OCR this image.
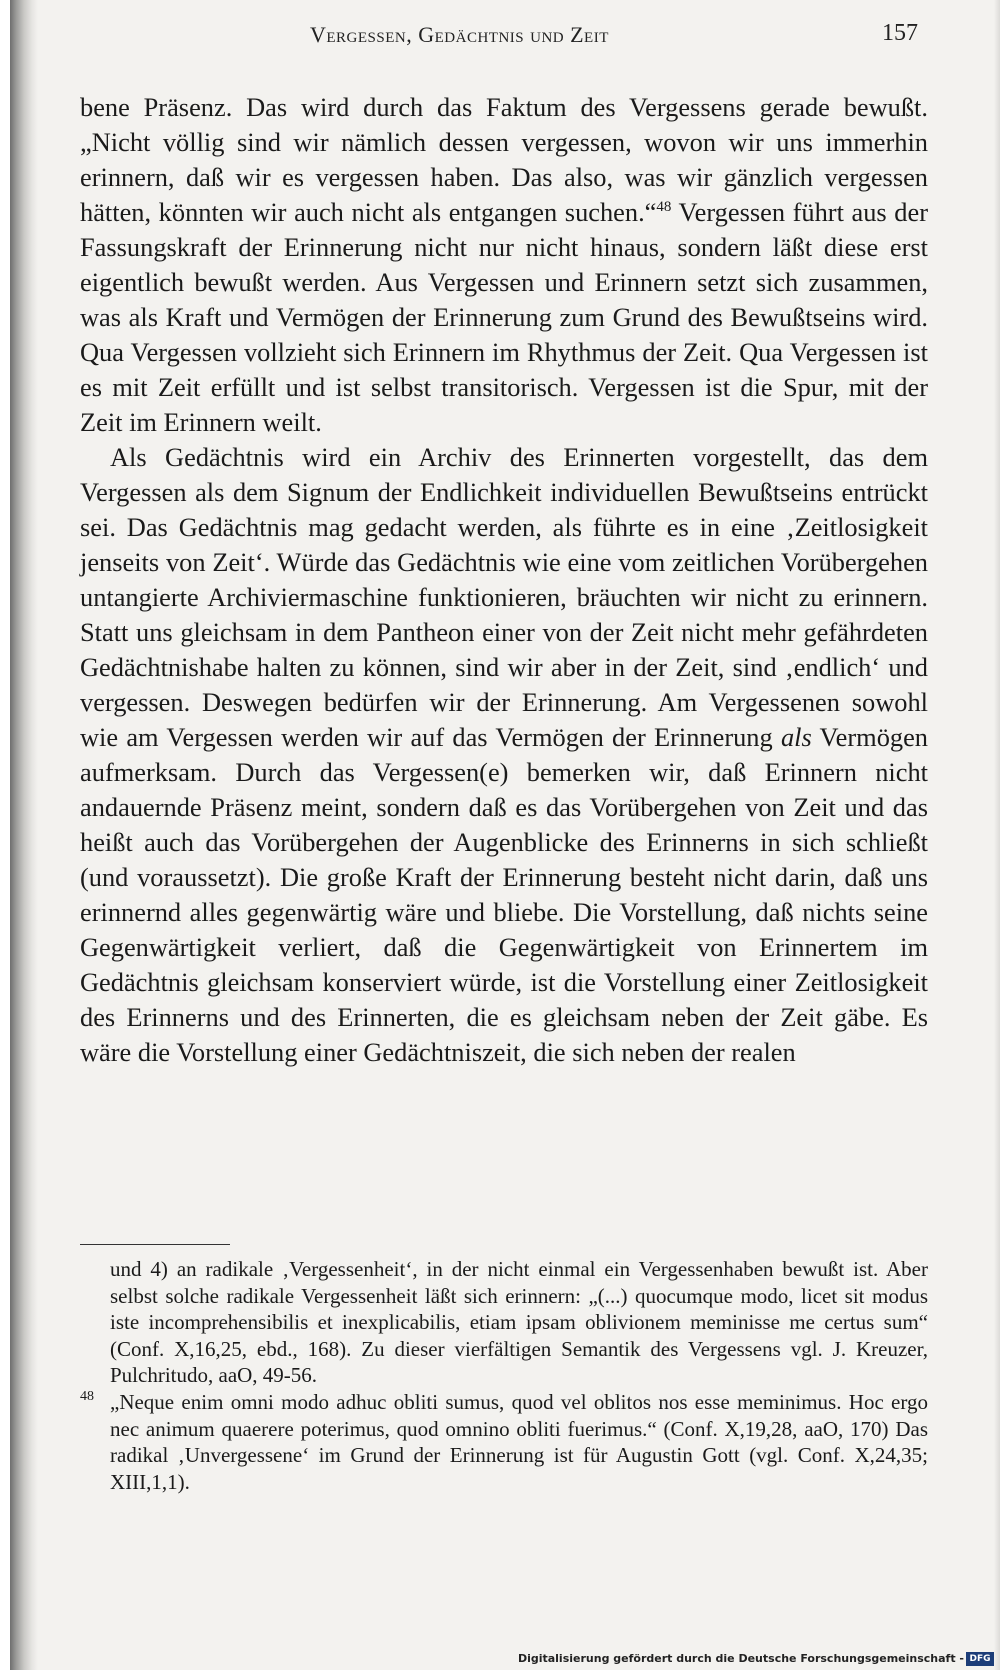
Vergessen, Gedächtnis und Zeit	157

bene Präsenz. Das wird durch das Faktum des Vergessens gerade bewußt. „Nicht völlig sind wir nämlich dessen vergessen, wovon wir uns immerhin erinnern, daß wir es vergessen haben. Das also, was wir gänzlich vergessen hätten, könnten wir auch nicht als entgangen suchen.“$^{48}$ Vergessen führt aus der Fassungskraft der Erinnerung nicht nur nicht hinaus, sondern läßt diese erst eigentlich bewußt werden. Aus Vergessen und Erinnern setzt sich zusammen, was als Kraft und Vermögen der Erinnerung zum Grund des Bewußtseins wird. Qua Vergessen vollzieht sich Erinnern im Rhythmus der Zeit. Qua Vergessen ist es mit Zeit erfüllt und ist selbst transitorisch. Vergessen ist die Spur, mit der Zeit im Erinnern weilt.

Als Gedächtnis wird ein Archiv des Erinnerten vorgestellt, das dem Vergessen als dem Signum der Endlichkeit individuellen Bewußtseins entrückt sei. Das Gedächtnis mag gedacht werden, als führte es in eine ‚Zeitlosigkeit jenseits von Zeit‘. Würde das Gedächtnis wie eine vom zeitlichen Vorübergehen untangierte Archiviermaschine funktionieren, bräuchten wir nicht zu erinnern. Statt uns gleichsam in dem Pantheon einer von der Zeit nicht mehr gefährdeten Gedächtnishabe halten zu können, sind wir aber in der Zeit, sind ‚endlich‘ und vergessen. Deswegen bedürfen wir der Erinnerung. Am Vergessenen sowohl wie am Vergessen werden wir auf das Vermögen der Erinnerung als Vermögen aufmerksam. Durch das Vergessen(e) bemerken wir, daß Erinnern nicht andauernde Präsenz meint, sondern daß es das Vorübergehen von Zeit und das heißt auch das Vorübergehen der Augenblicke des Erinnerns in sich schließt (und voraussetzt). Die große Kraft der Erinnerung besteht nicht darin, daß uns erinnernd alles gegenwärtig wäre und bliebe. Die Vorstellung, daß nichts seine Gegenwärtigkeit verliert, daß die Gegenwärtigkeit von Erinnertem im Gedächtnis gleichsam konserviert würde, ist die Vorstellung einer Zeitlosigkeit des Erinnerns und des Erinnerten, die es gleichsam neben der Zeit gäbe. Es wäre die Vorstellung einer Gedächtniszeit, die sich neben der realen

und 4) an radikale ‚Vergessenheit‘, in der nicht einmal ein Vergessenhaben bewußt ist. Aber selbst solche radikale Vergessenheit läßt sich erinnern: „(...) quocumque modo, licet sit modus iste incomprehensibilis et inexplicabilis, etiam ipsam oblivionem meminisse me certus sum“ (Conf. X,16,25, ebd., 168). Zu dieser vierfältigen Semantik des Vergessens vgl. J. Kreuzer, Pulchritudo, aaO, 49-56.

48 „Neque enim omni modo adhuc obliti sumus, quod vel oblitos nos esse meminimus. Hoc ergo nec animum quaerere poterimus, quod omnino obliti fuerimus.“ (Conf. X,19,28, aaO, 170) Das radikal ‚Unvergessene‘ im Grund der Erinnerung ist für Augustin Gott (vgl. Conf. X,24,35; XIII,1,1).

Digitalisierung gefördert durch die Deutsche Forschungsgemeinschaft - DFG
